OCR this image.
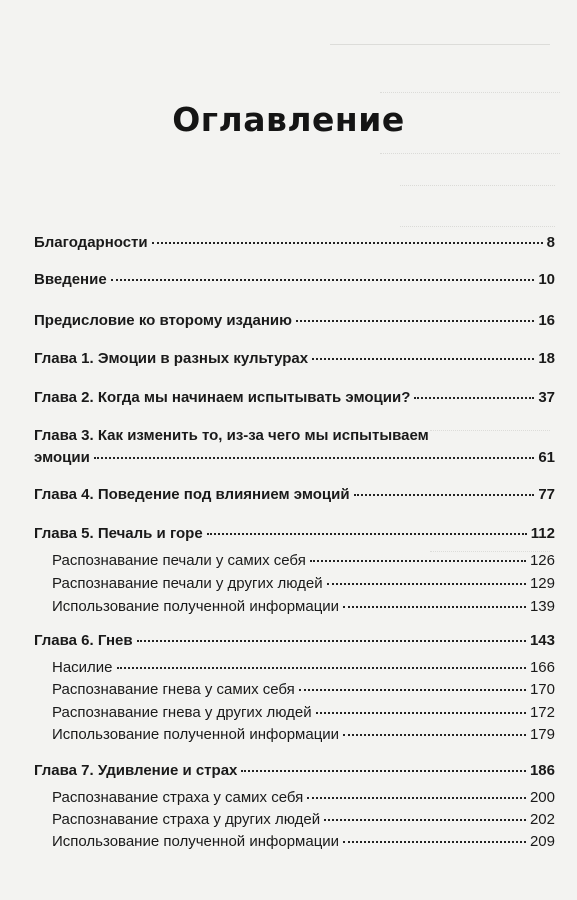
Оглавление
Благодарности	8
Введение	10
Предисловие ко второму изданию	16
Глава 1. Эмоции в разных культурах	18
Глава 2. Когда мы начинаем испытывать эмоции?	37
Глава 3. Как изменить то, из-за чего мы испытываем
эмоции	61
Глава 4. Поведение под влиянием эмоций	77
Глава 5. Печаль и горе	112
Распознавание печали у самих себя	126
Распознавание печали у других людей	129
Использование полученной информации	139
Глава 6. Гнев	143
Насилие	166
Распознавание гнева у самих себя	170
Распознавание гнева у других людей	172
Использование полученной информации	179
Глава 7. Удивление и страх	186
Распознавание страха у самих себя	200
Распознавание страха у других людей	202
Использование полученной информации	209
